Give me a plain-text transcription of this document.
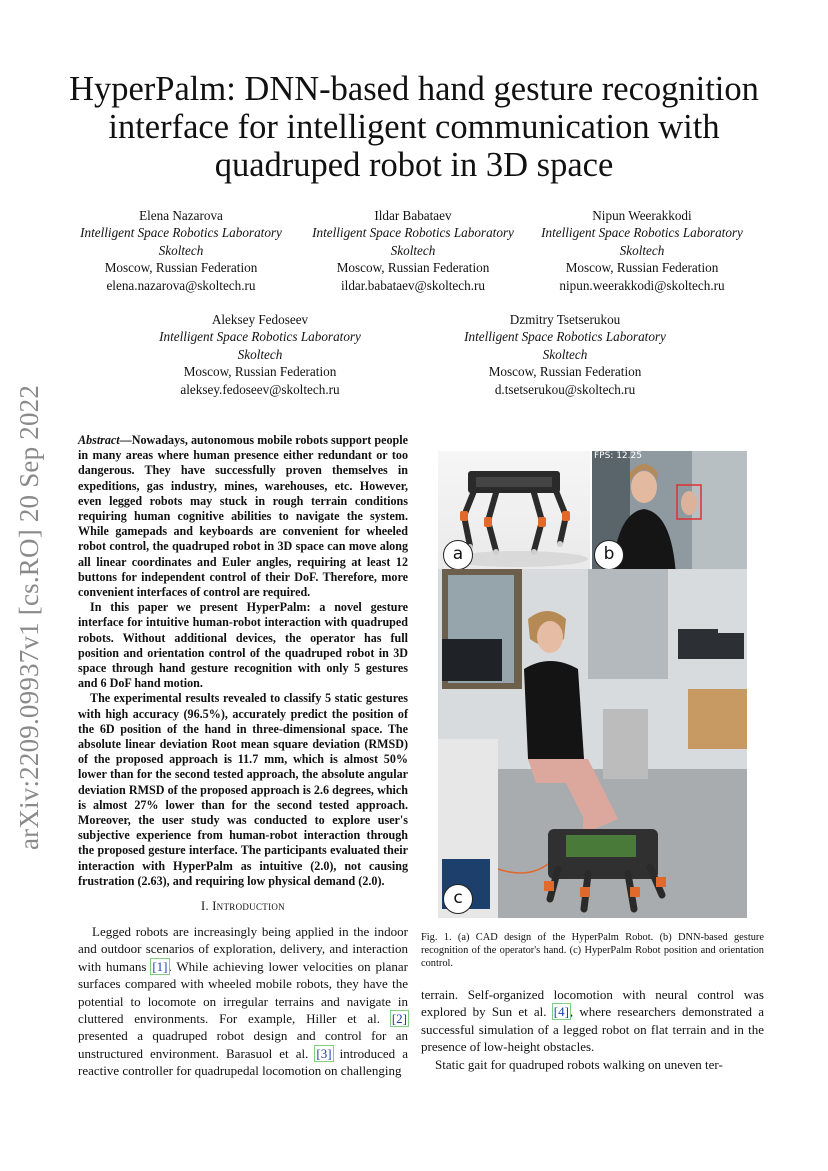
arXiv:2209.09937v1 [cs.RO] 20 Sep 2022
HyperPalm: DNN-based hand gesture recognition
interface for intelligent communication with
quadruped robot in 3D space
Elena Nazarova
Intelligent Space Robotics Laboratory
Skoltech
Moscow, Russian Federation
elena.nazarova@skoltech.ru
Ildar Babataev
Intelligent Space Robotics Laboratory
Skoltech
Moscow, Russian Federation
ildar.babataev@skoltech.ru
Nipun Weerakkodi
Intelligent Space Robotics Laboratory
Skoltech
Moscow, Russian Federation
nipun.weerakkodi@skoltech.ru
Aleksey Fedoseev
Intelligent Space Robotics Laboratory
Skoltech
Moscow, Russian Federation
aleksey.fedoseev@skoltech.ru
Dzmitry Tsetserukou
Intelligent Space Robotics Laboratory
Skoltech
Moscow, Russian Federation
d.tsetserukou@skoltech.ru

Abstract—Nowadays, autonomous mobile robots support people in many areas where human presence either redundant or too dangerous. They have successfully proven themselves in expeditions, gas industry, mines, warehouses, etc. However, even legged robots may stuck in rough terrain conditions requiring human cognitive abilities to navigate the system. While gamepads and keyboards are convenient for wheeled robot control, the quadruped robot in 3D space can move along all linear coordinates and Euler angles, requiring at least 12 buttons for independent control of their DoF. Therefore, more convenient interfaces of control are required.

In this paper we present HyperPalm: a novel gesture interface for intuitive human-robot interaction with quadruped robots. Without additional devices, the operator has full position and orientation control of the quadruped robot in 3D space through hand gesture recognition with only 5 gestures and 6 DoF hand motion.

The experimental results revealed to classify 5 static gestures with high accuracy (96.5%), accurately predict the position of the 6D position of the hand in three-dimensional space. The absolute linear deviation Root mean square deviation (RMSD) of the proposed approach is 11.7 mm, which is almost 50% lower than for the second tested approach, the absolute angular deviation RMSD of the proposed approach is 2.6 degrees, which is almost 27% lower than for the second tested approach. Moreover, the user study was conducted to explore user's subjective experience from human-robot interaction through the proposed gesture interface. The participants evaluated their interaction with HyperPalm as intuitive (2.0), not causing frustration (2.63), and requiring low physical demand (2.0).

I. Introduction

Legged robots are increasingly being applied in the indoor and outdoor scenarios of exploration, delivery, and interaction with humans [1]. While achieving lower velocities on planar surfaces compared with wheeled mobile robots, they have the potential to locomote on irregular terrains and navigate in cluttered environments. For example, Hiller et al. [2] presented a quadruped robot design and control for an unstructured environment. Barasuol et al. [3] introduced a reactive controller for quadrupedal locomotion on challenging

a
FPS: 12.25
b
c
Fig. 1. (a) CAD design of the HyperPalm Robot. (b) DNN-based gesture recognition of the operator's hand. (c) HyperPalm Robot position and orientation control.

terrain. Self-organized locomotion with neural control was explored by Sun et al. [4], where researchers demonstrated a successful simulation of a legged robot on flat terrain and in the presence of low-height obstacles.

Static gait for quadruped robots walking on uneven ter-
